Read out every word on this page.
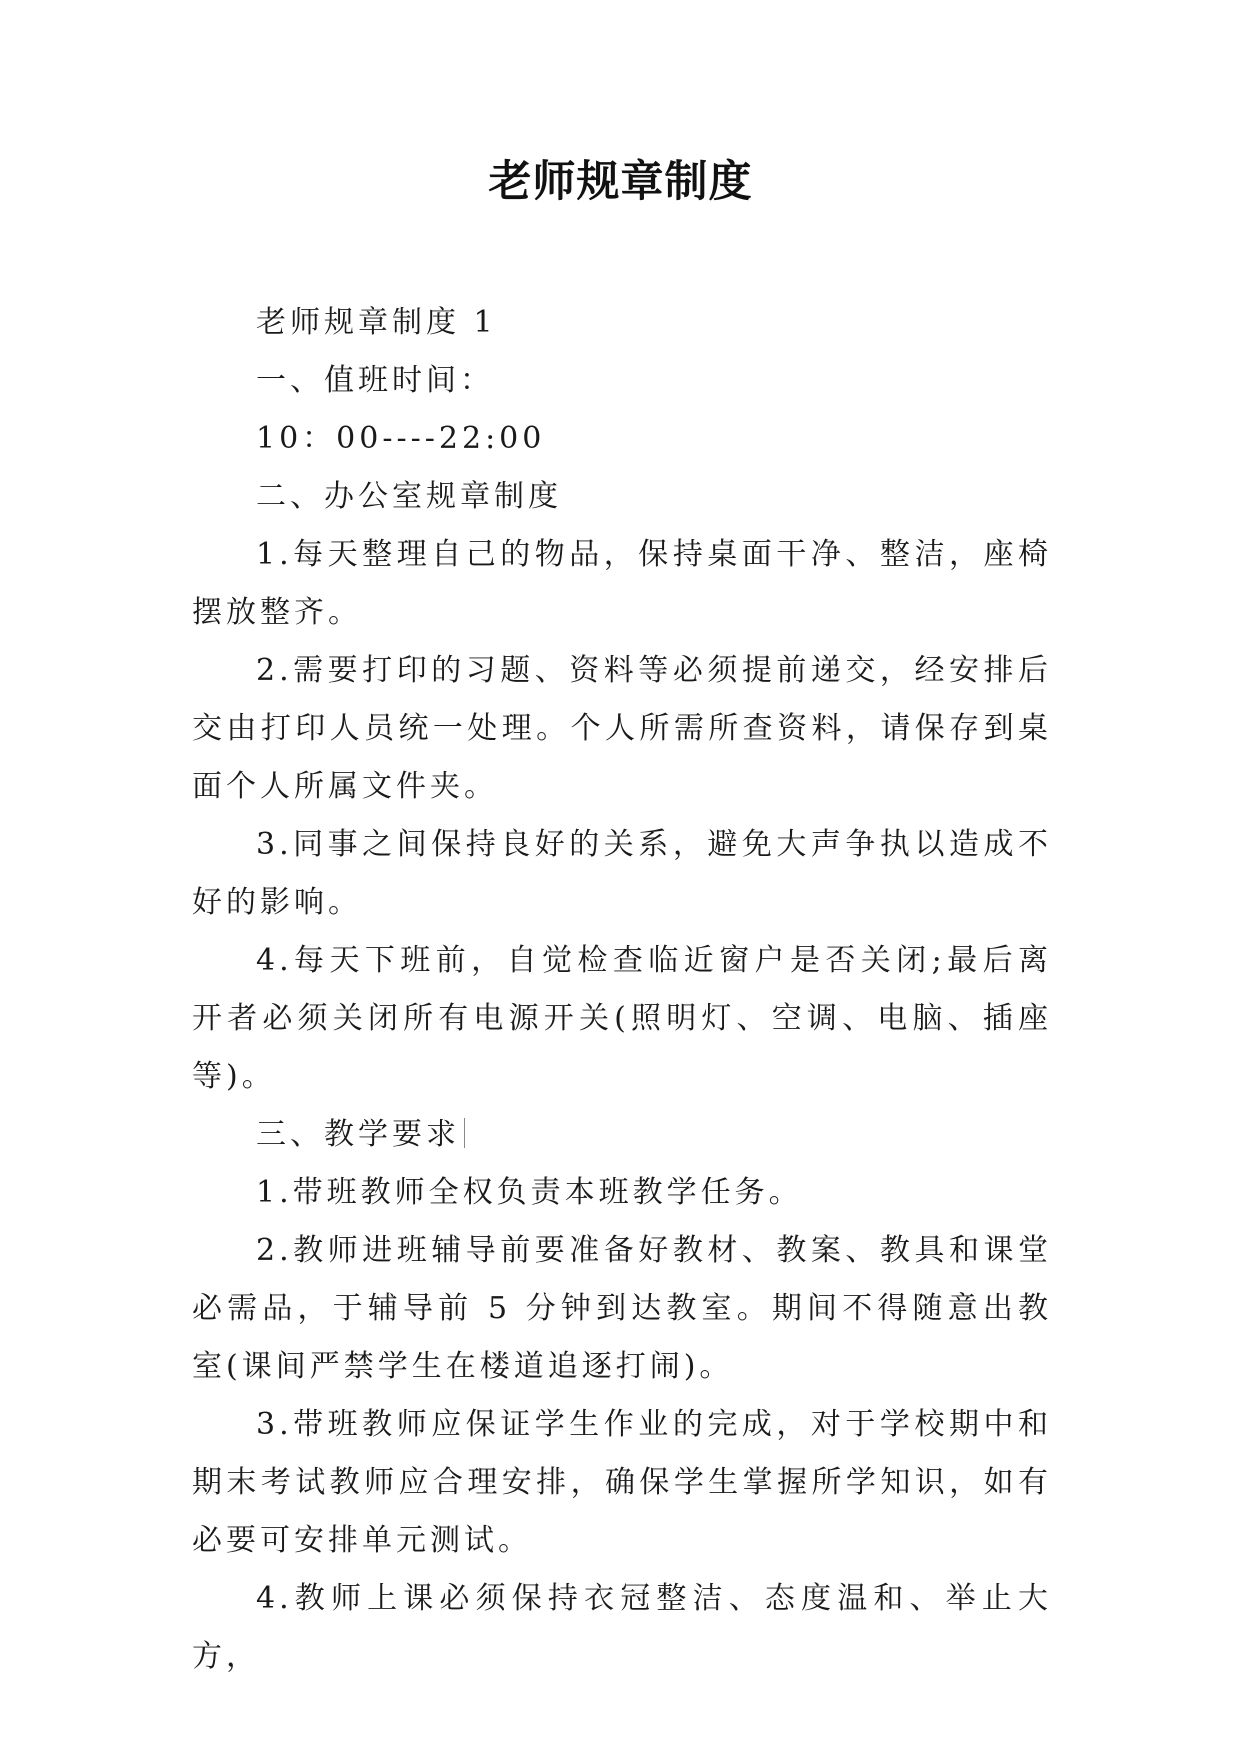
老师规章制度

老师规章制度 1

一、值班时间：

10：00----22:00

二、办公室规章制度

1.每天整理自己的物品，保持桌面干净、整洁，座椅摆放整齐。

2.需要打印的习题、资料等必须提前递交，经安排后交由打印人员统一处理。个人所需所查资料，请保存到桌面个人所属文件夹。

3.同事之间保持良好的关系，避免大声争执以造成不好的影响。

4.每天下班前，自觉检查临近窗户是否关闭;最后离开者必须关闭所有电源开关(照明灯、空调、电脑、插座等)。

三、教学要求

1.带班教师全权负责本班教学任务。

2.教师进班辅导前要准备好教材、教案、教具和课堂必需品，于辅导前 5 分钟到达教室。期间不得随意出教室(课间严禁学生在楼道追逐打闹)。

3.带班教师应保证学生作业的完成，对于学校期中和期末考试教师应合理安排，确保学生掌握所学知识，如有必要可安排单元测试。

4.教师上课必须保持衣冠整洁、态度温和、举止大方，
